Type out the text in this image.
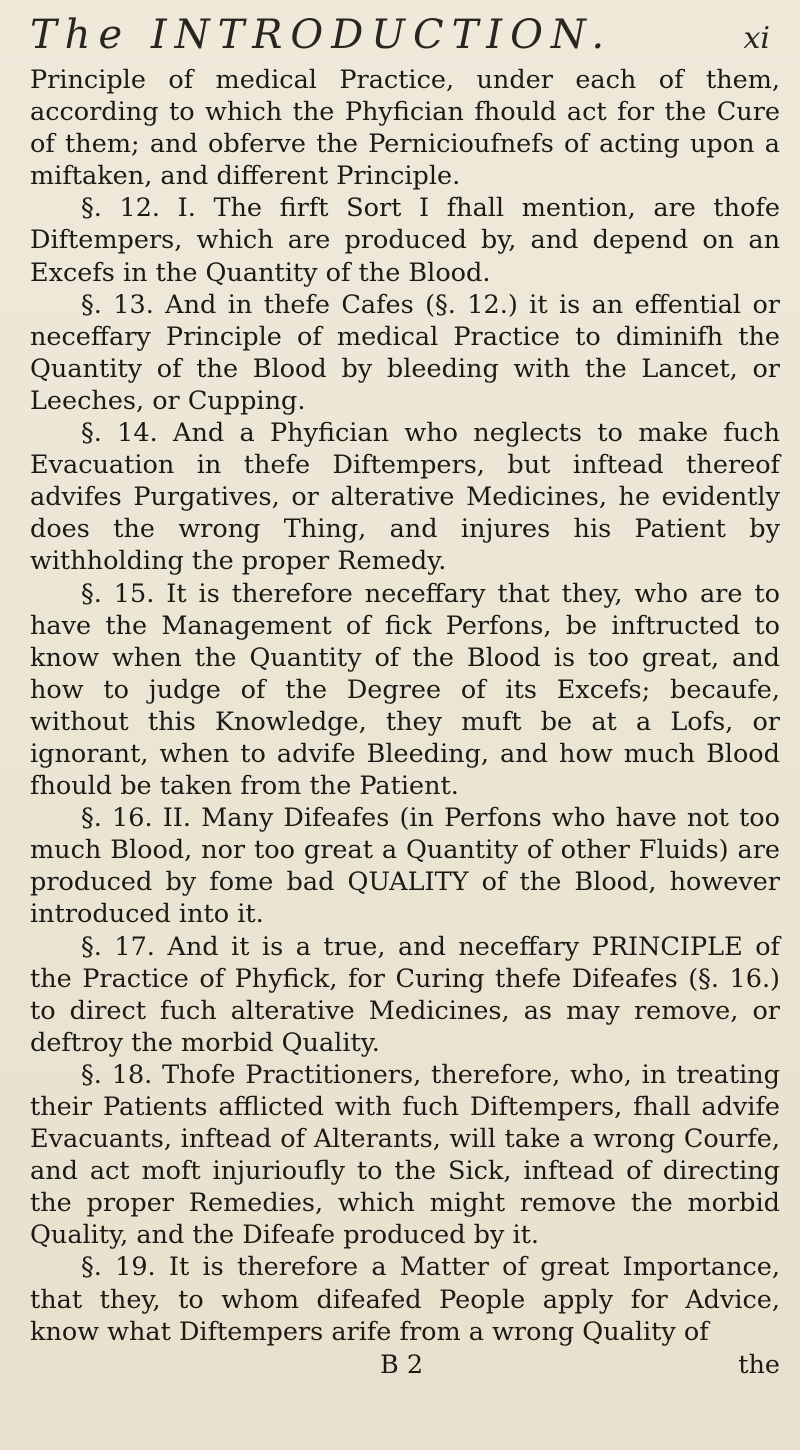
The INTRODUCTION.	xi

Principle of medical Practice, under each of them, according to which the Phyfician fhould act for the Cure of them; and obferve the Pernicioufnefs of acting upon a miftaken, and different Principle.

§. 12. I. The firft Sort I fhall mention, are thofe Diftempers, which are produced by, and depend on an Excefs in the Quantity of the Blood.

§. 13. And in thefe Cafes (§. 12.) it is an effential or neceffary Principle of medical Practice to diminifh the Quantity of the Blood by bleeding with the Lancet, or Leeches, or Cupping.

§. 14. And a Phyfician who neglects to make fuch Evacuation in thefe Diftempers, but inftead thereof advifes Purgatives, or alterative Medicines, he evidently does the wrong Thing, and injures his Patient by withholding the proper Remedy.

§. 15. It is therefore neceffary that they, who are to have the Management of fick Perfons, be inftructed to know when the Quantity of the Blood is too great, and how to judge of the Degree of its Excefs; becaufe, without this Knowledge, they muft be at a Lofs, or ignorant, when to advife Bleeding, and how much Blood fhould be taken from the Patient.

§. 16. II. Many Difeafes (in Perfons who have not too much Blood, nor too great a Quantity of other Fluids) are produced by fome bad QUALITY of the Blood, however introduced into it.

§. 17. And it is a true, and neceffary PRINCIPLE of the Practice of Phyfick, for Curing thefe Difeafes (§. 16.) to direct fuch alterative Medicines, as may remove, or deftroy the morbid Quality.

§. 18. Thofe Practitioners, therefore, who, in treating their Patients afflicted with fuch Diftempers, fhall advife Evacuants, inftead of Alterants, will take a wrong Courfe, and act moft injurioufly to the Sick, inftead of directing the proper Remedies, which might remove the morbid Quality, and the Difeafe produced by it.

§. 19. It is therefore a Matter of great Importance, that they, to whom difeafed People apply for Advice, know what Diftempers arife from a wrong Quality of

B 2	the
